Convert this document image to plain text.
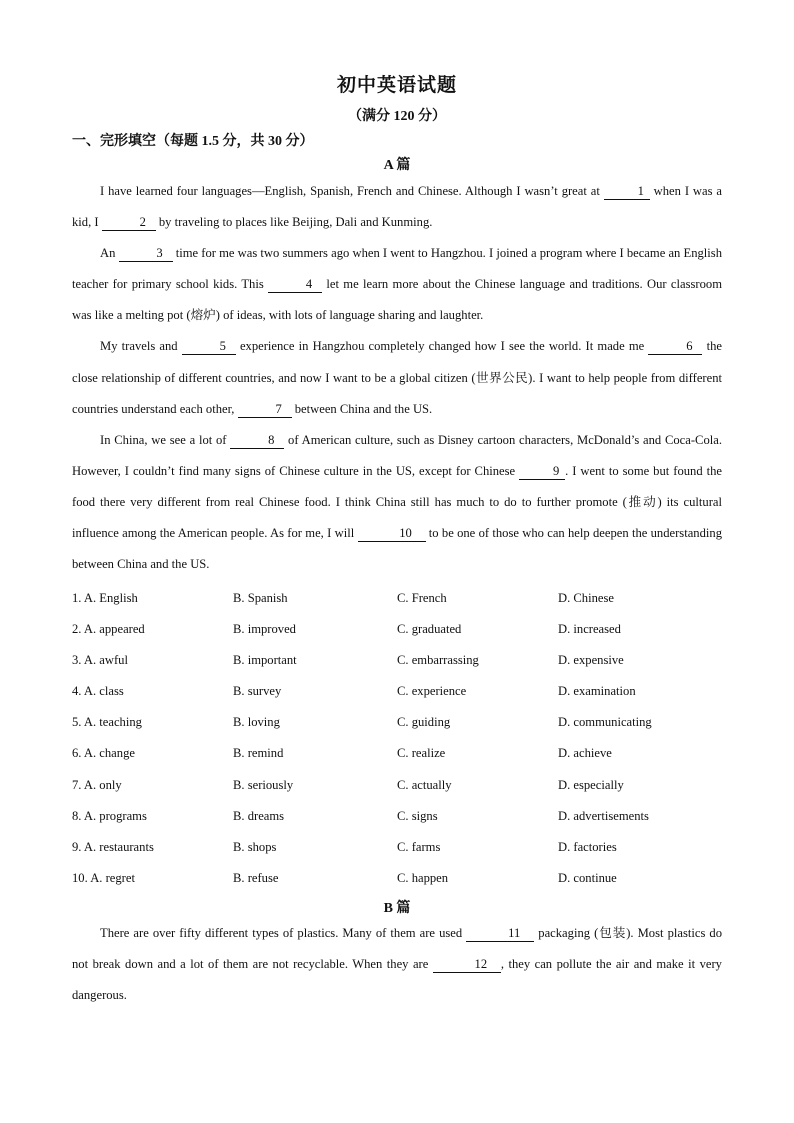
初中英语试题
（满分 120 分）
一、完形填空（每题 1.5 分，共 30 分）
A 篇

I have learned four languages—English, Spanish, French and Chinese. Although I wasn’t great at	1 when I was a kid, I	2 by traveling to places like Beijing, Dali and Kunming.

An	3 time for me was two summers ago when I went to Hangzhou. I joined a program where I became an English teacher for primary school kids. This	4 let me learn more about the Chinese language and traditions. Our classroom was like a melting pot (熔炉) of ideas, with lots of language sharing and laughter.

My travels and	5 experience in Hangzhou completely changed how I see the world. It made me	6 the close relationship of different countries, and now I want to be a global citizen (世界公民). I want to help people from different countries understand each other,	7 between China and the US.

In China, we see a lot of	8 of American culture, such as Disney cartoon characters, McDonald’s and Coca-Cola. However, I couldn’t find many signs of Chinese culture in the US, except for Chinese	9 . I went to some but found the food there very different from real Chinese food. I think China still has much to do to further promote (推动) its cultural influence among the American people. As for me, I will	10 to be one of those who can help deepen the understanding between China and the US.

1. A. English	B. Spanish	C. French	D. Chinese
2. A. appeared	B. improved	C. graduated	D. increased
3. A. awful	B. important	C. embarrassing	D. expensive
4. A. class	B. survey	C. experience	D. examination
5. A. teaching	B. loving	C. guiding	D. communicating
6. A. change	B. remind	C. realize	D. achieve
7. A. only	B. seriously	C. actually	D. especially
8. A. programs	B. dreams	C. signs	D. advertisements
9. A. restaurants	B. shops	C. farms	D. factories
10. A. regret	B. refuse	C. happen	D. continue
B 篇

There are over fifty different types of plastics. Many of them are used	11 packaging (包装). Most plastics do not break down and a lot of them are not recyclable. When they are	12 , they can pollute the air and make it very dangerous.
